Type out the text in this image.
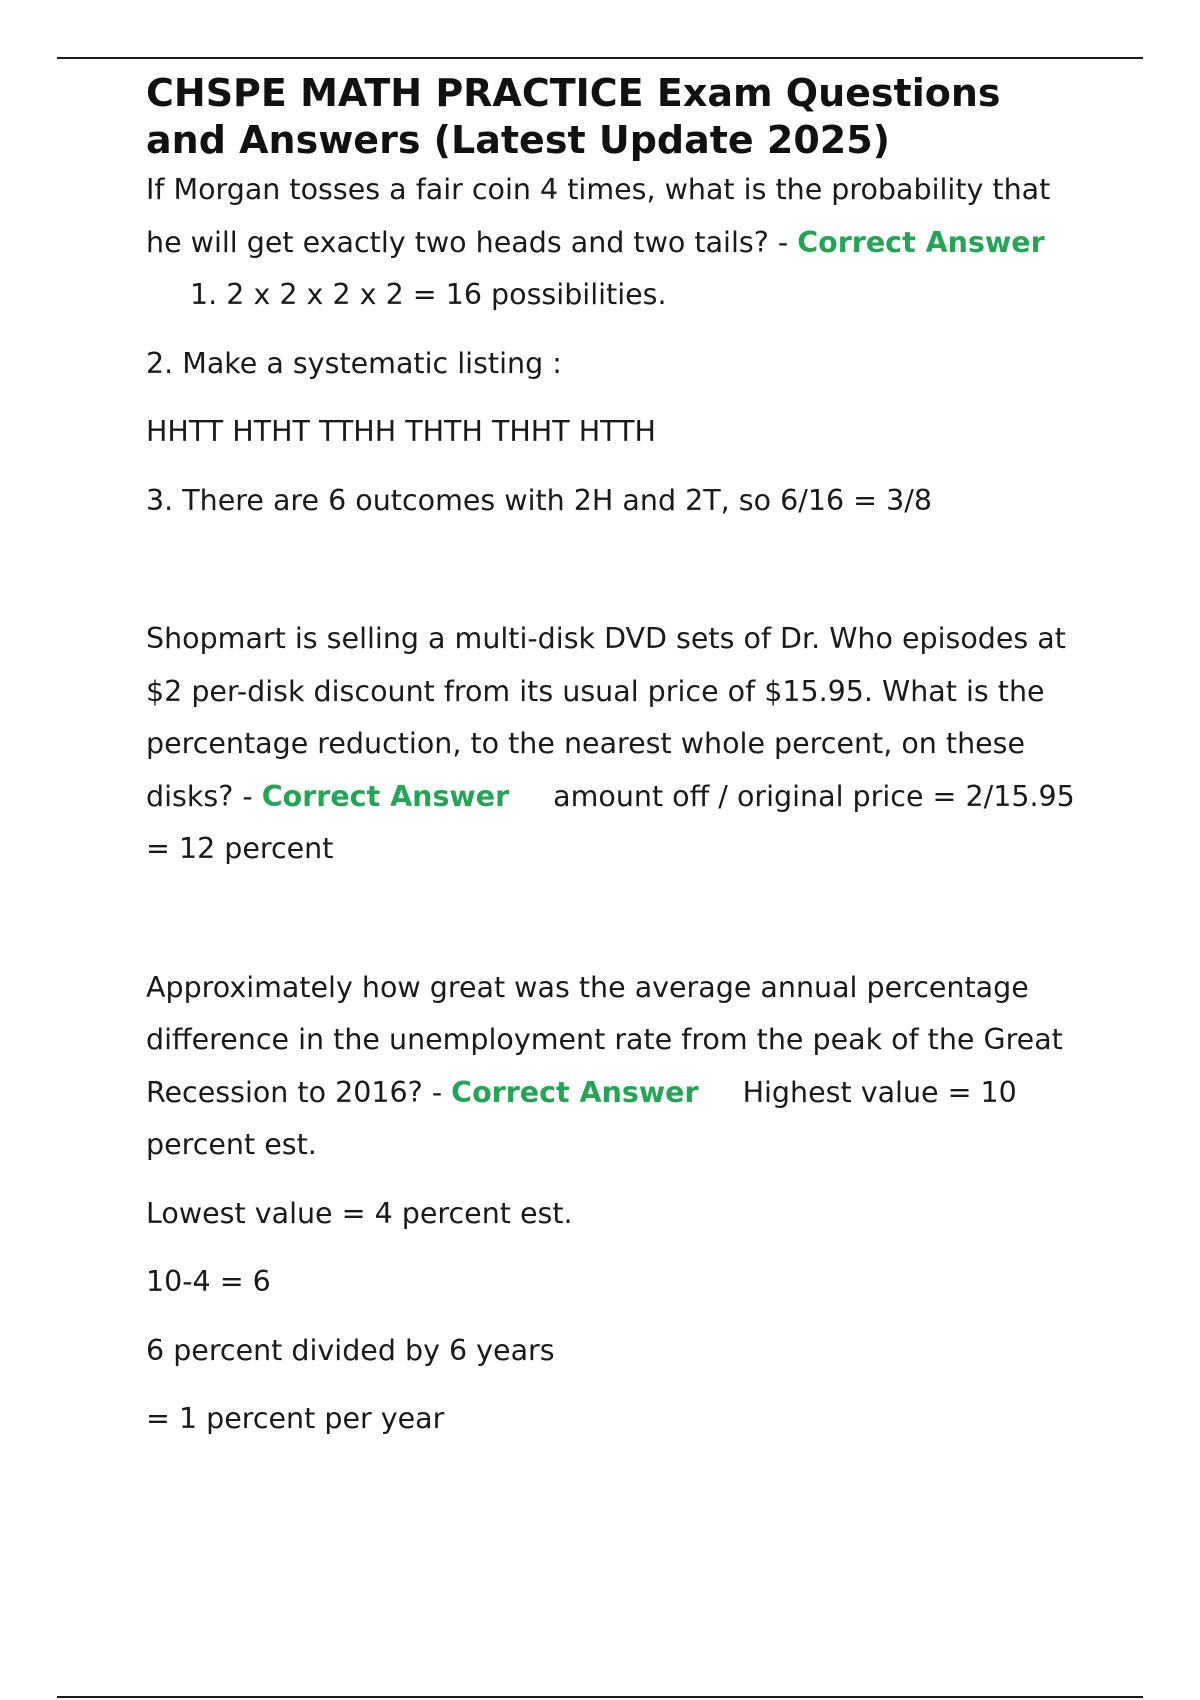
CHSPE MATH PRACTICE Exam Questions and Answers (Latest Update 2025)

If Morgan tosses a fair coin 4 times, what is the probability that he will get exactly two heads and two tails? - Correct Answer1. 2 x 2 x 2 x 2 = 16 possibilities.

2. Make a systematic listing :

HHTT HTHT TTHH THTH THHT HTTH

3. There are 6 outcomes with 2H and 2T, so 6/16 = 3/8

Shopmart is selling a multi-disk DVD sets of Dr. Who episodes at $2 per-disk discount from its usual price of $15.95. What is the percentage reduction, to the nearest whole percent, on these disks? - Correct Answer amount off / original price = 2/15.95 = 12 percent

Approximately how great was the average annual percentage difference in the unemployment rate from the peak of the Great Recession to 2016? - Correct Answer Highest value = 10 percent est.

Lowest value = 4 percent est.

10-4 = 6

6 percent divided by 6 years

= 1 percent per year
